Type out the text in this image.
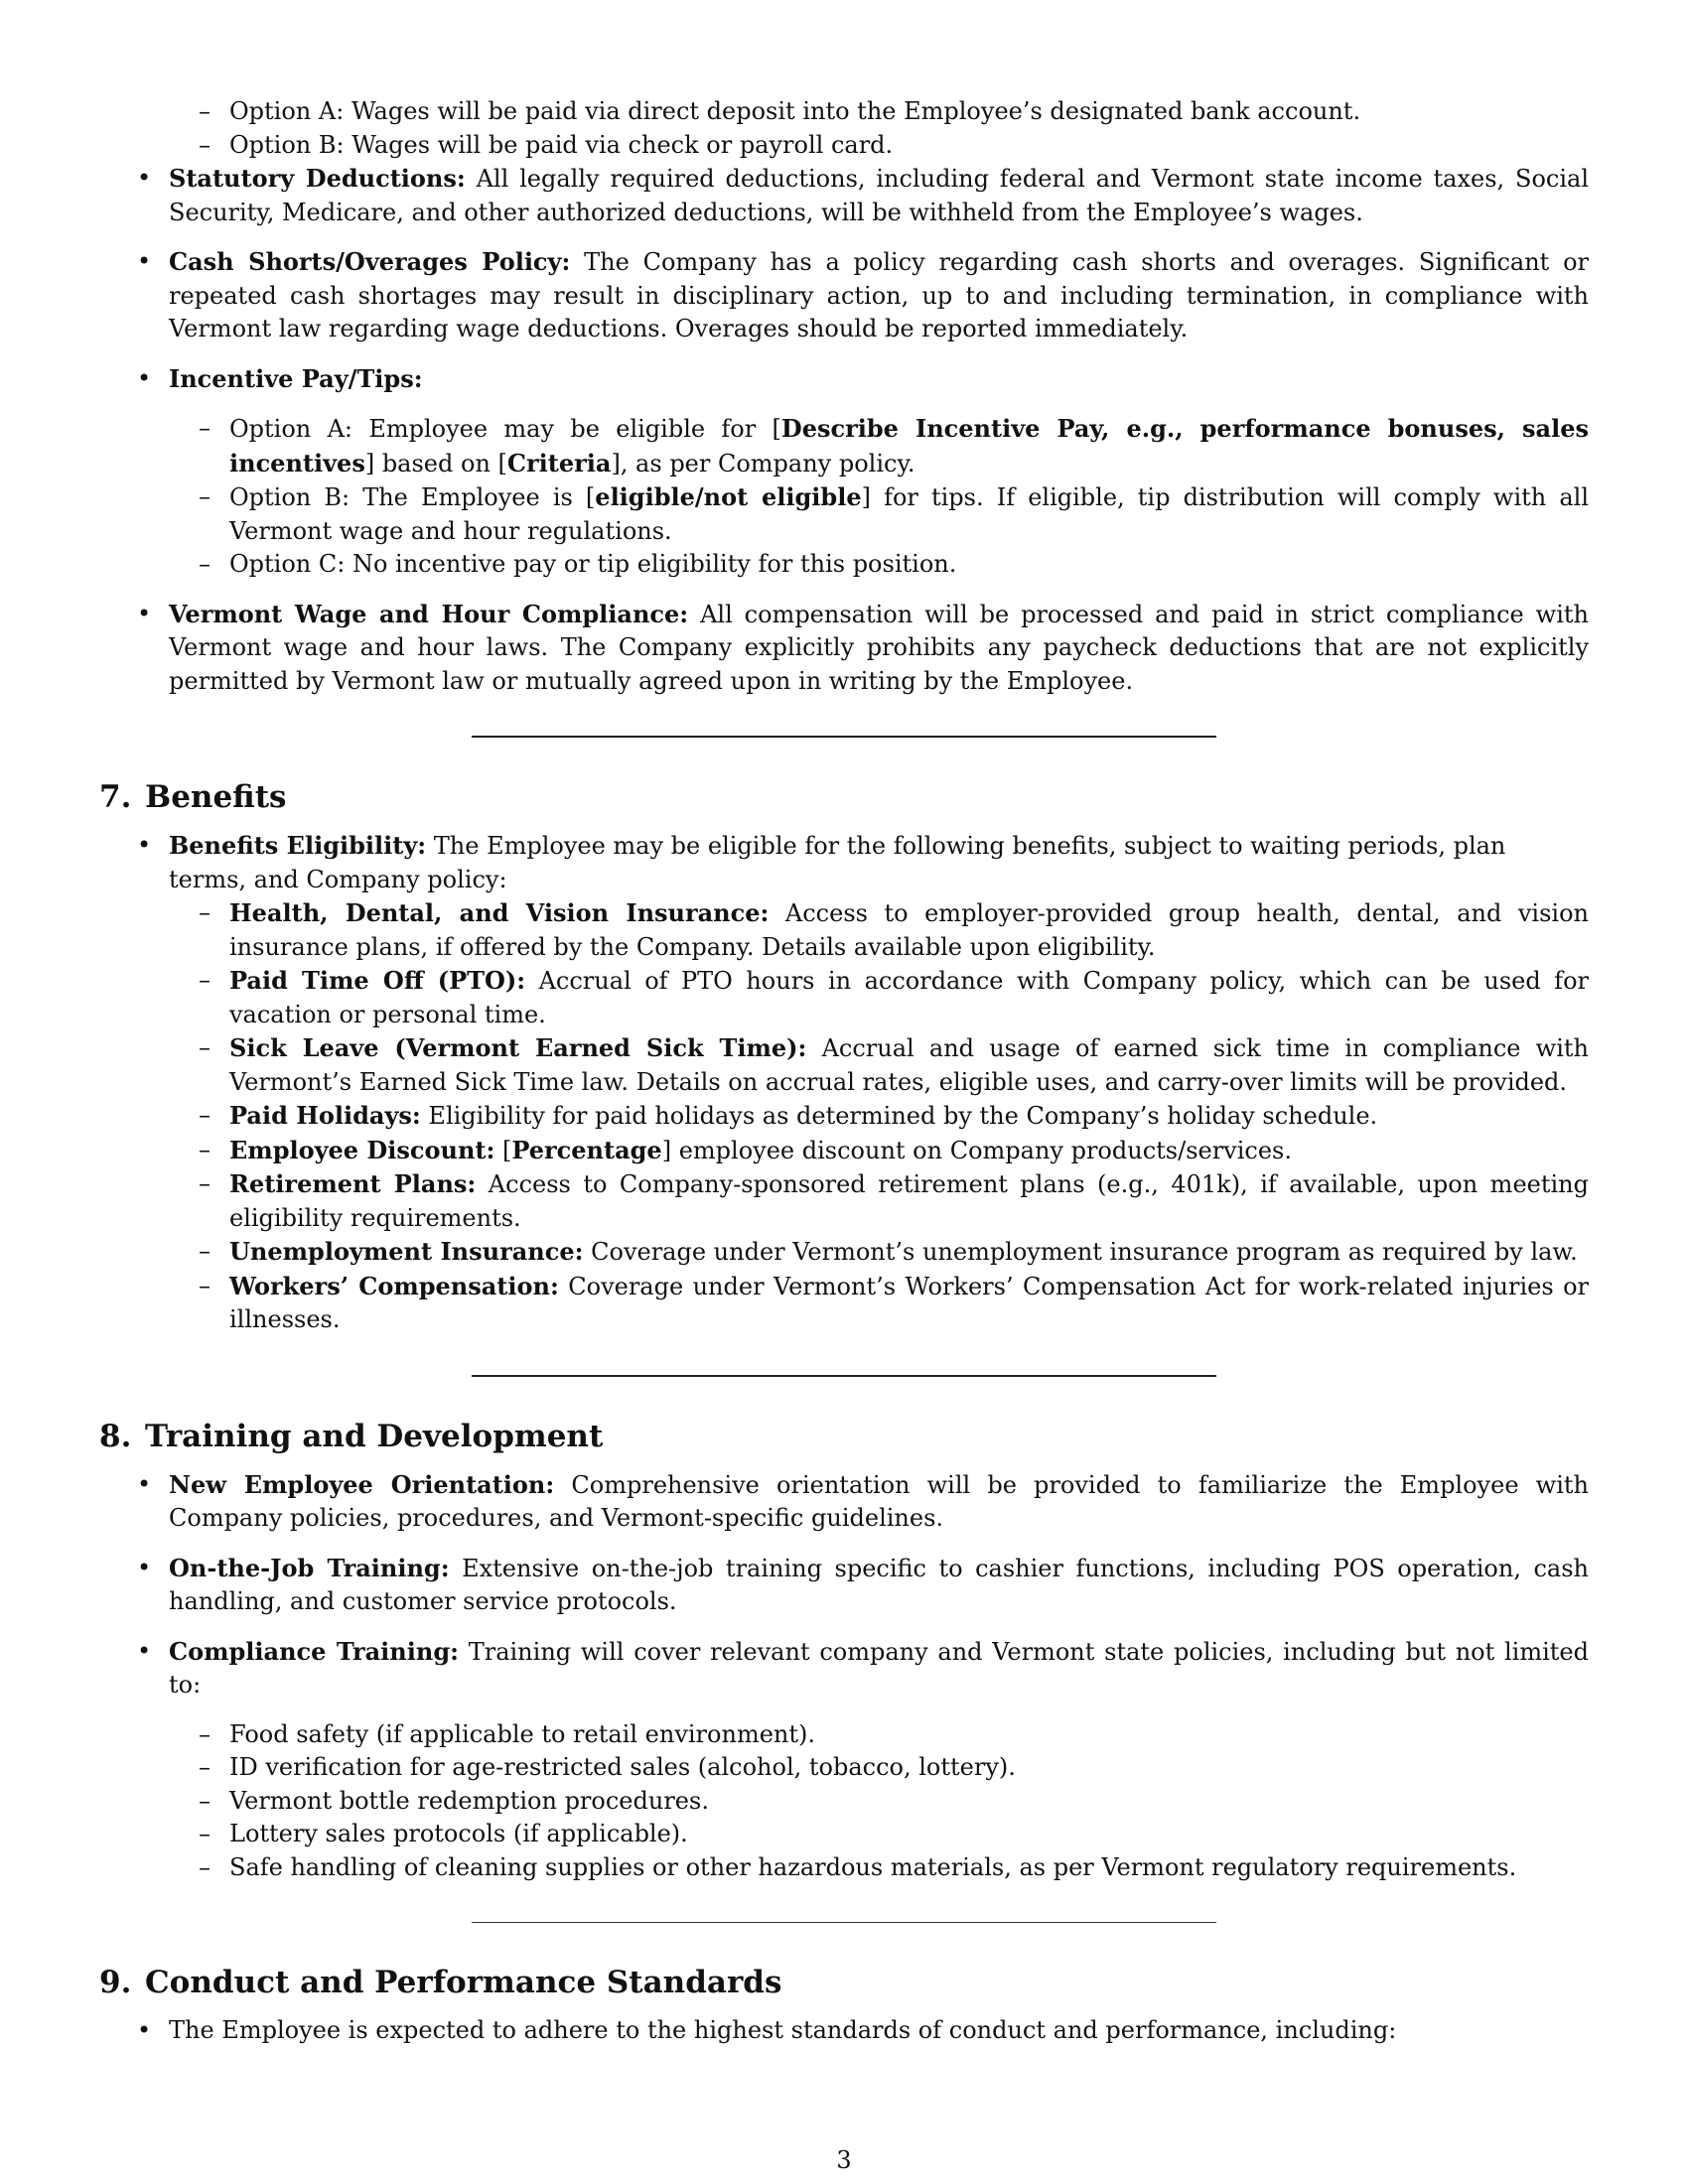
– Option A: Wages will be paid via direct deposit into the Employee’s designated bank account.
– Option B: Wages will be paid via check or payroll card.
• Statutory Deductions: All legally required deductions, including federal and Vermont state income taxes, Social Security, Medicare, and other authorized deductions, will be withheld from the Employee’s wages.
• Cash Shorts/Overages Policy: The Company has a policy regarding cash shorts and overages. Significant or repeated cash shortages may result in disciplinary action, up to and including termination, in compliance with Vermont law regarding wage deductions. Overages should be reported immediately.
• Incentive Pay/Tips:
– Option A: Employee may be eligible for [Describe Incentive Pay, e.g., performance bonuses, sales incentives] based on [Criteria], as per Company policy.
– Option B: The Employee is [eligible/not eligible] for tips. If eligible, tip distribution will comply with all Vermont wage and hour regulations.
– Option C: No incentive pay or tip eligibility for this position.
• Vermont Wage and Hour Compliance: All compensation will be processed and paid in strict compliance with Vermont wage and hour laws. The Company explicitly prohibits any paycheck deductions that are not explicitly permitted by Vermont law or mutually agreed upon in writing by the Employee.
7. Benefits
• Benefits Eligibility: The Employee may be eligible for the following benefits, subject to waiting periods, plan terms, and Company policy:
– Health, Dental, and Vision Insurance: Access to employer-provided group health, dental, and vision insurance plans, if offered by the Company. Details available upon eligibility.
– Paid Time Off (PTO): Accrual of PTO hours in accordance with Company policy, which can be used for vacation or personal time.
– Sick Leave (Vermont Earned Sick Time): Accrual and usage of earned sick time in compliance with Vermont’s Earned Sick Time law. Details on accrual rates, eligible uses, and carry-over limits will be provided.
– Paid Holidays: Eligibility for paid holidays as determined by the Company’s holiday schedule.
– Employee Discount: [Percentage] employee discount on Company products/services.
– Retirement Plans: Access to Company-sponsored retirement plans (e.g., 401k), if available, upon meeting eligibility requirements.
– Unemployment Insurance: Coverage under Vermont’s unemployment insurance program as required by law.
– Workers’ Compensation: Coverage under Vermont’s Workers’ Compensation Act for work-related injuries or illnesses.
8. Training and Development
• New Employee Orientation: Comprehensive orientation will be provided to familiarize the Employee with Company policies, procedures, and Vermont-specific guidelines.
• On-the-Job Training: Extensive on-the-job training specific to cashier functions, including POS operation, cash handling, and customer service protocols.
• Compliance Training: Training will cover relevant company and Vermont state policies, including but not limited to:
– Food safety (if applicable to retail environment).
– ID verification for age-restricted sales (alcohol, tobacco, lottery).
– Vermont bottle redemption procedures.
– Lottery sales protocols (if applicable).
– Safe handling of cleaning supplies or other hazardous materials, as per Vermont regulatory requirements.
9. Conduct and Performance Standards
• The Employee is expected to adhere to the highest standards of conduct and performance, including:
3
